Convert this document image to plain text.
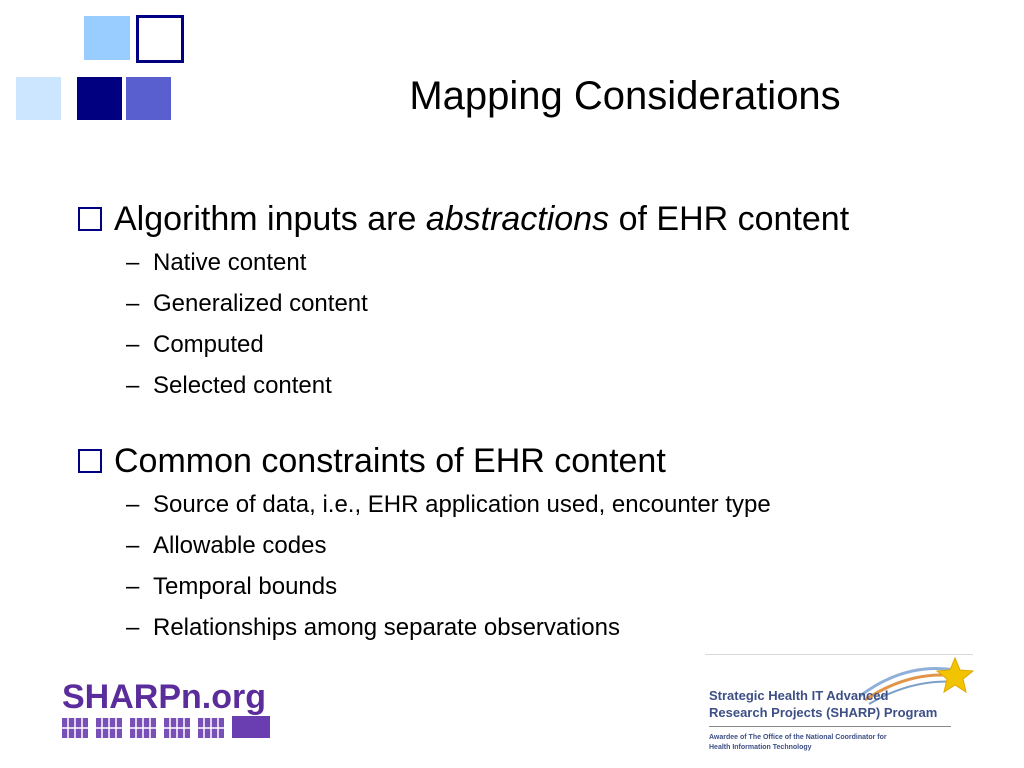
Mapping Considerations
Algorithm inputs are abstractions of EHR content
– Native content
– Generalized content
– Computed
– Selected content
Common constraints of EHR content
– Source of data, i.e., EHR application used, encounter type
– Allowable codes
– Temporal bounds
– Relationships among separate observations
SHARPn.org	Strategic Health IT Advanced
Research Projects (SHARP) Program
Awardee of The Office of the National Coordinator for
Health Information Technology
